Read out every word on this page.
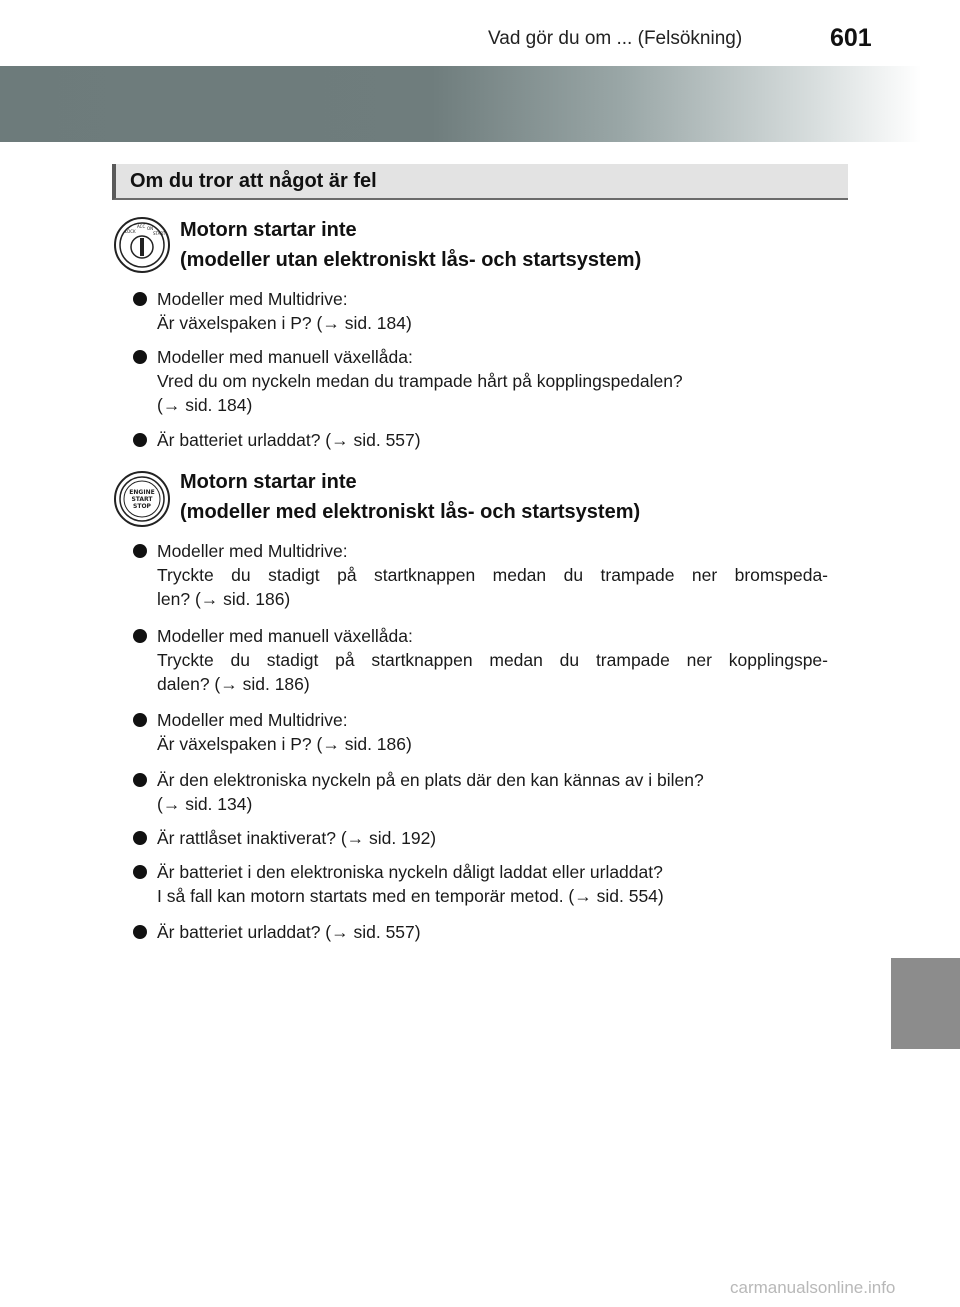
Vad gör du om ... (Felsökning)	601
Om du tror att något är fel
LOCK
ACC ON
START Motorn startar inte
(modeller utan elektroniskt lås- och startsystem)
Modeller med Multidrive:
Är växelspaken i P? (→ sid. 184)
Modeller med manuell växellåda:
Vred du om nyckeln medan du trampade hårt på kopplingspedalen?
(→ sid. 184)
Är batteriet urladdat? (→ sid. 557)
ENGINE
START
STOP
Motorn startar inte
(modeller med elektroniskt lås- och startsystem)
Modeller med Multidrive:
Tryckte du stadigt på startknappen medan du trampade ner bromspeda-
len? (→ sid. 186)
Modeller med manuell växellåda:
Tryckte du stadigt på startknappen medan du trampade ner kopplingspe-
dalen? (→ sid. 186)
Modeller med Multidrive:
Är växelspaken i P? (→ sid. 186)
Är den elektroniska nyckeln på en plats där den kan kännas av i bilen?
(→ sid. 134)
Är rattlåset inaktiverat? (→ sid. 192)
Är batteriet i den elektroniska nyckeln dåligt laddat eller urladdat?
I så fall kan motorn startats med en temporär metod. (→ sid. 554)
Är batteriet urladdat? (→ sid. 557)
carmanualsonline.info
